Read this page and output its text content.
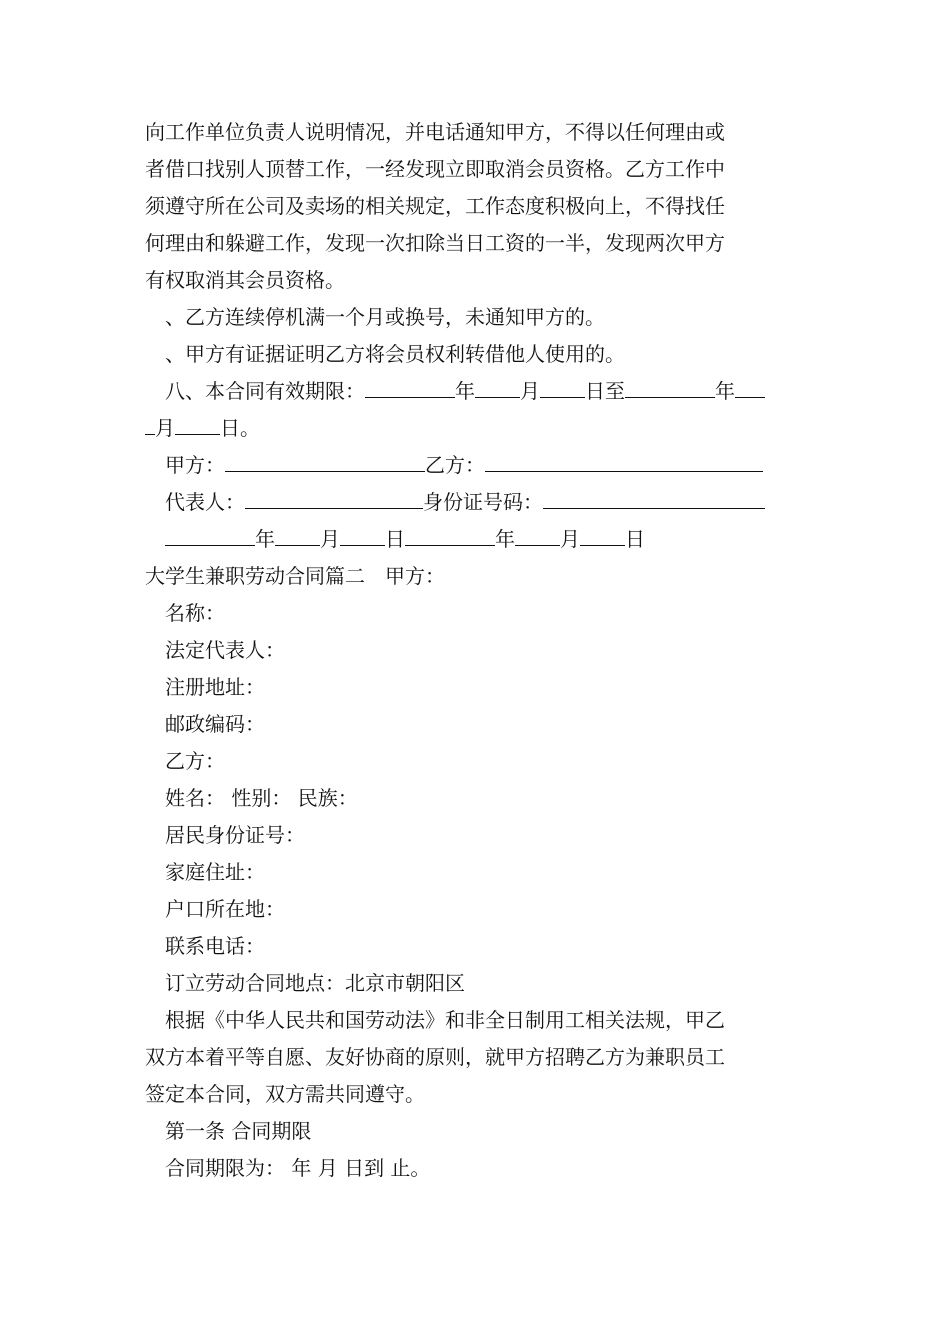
向工作单位负责人说明情况，并电话通知甲方，不得以任何理由或
者借口找别人顶替工作，一经发现立即取消会员资格。乙方工作中
须遵守所在公司及卖场的相关规定，工作态度积极向上，不得找任
何理由和躲避工作，发现一次扣除当日工资的一半，发现两次甲方
有权取消其会员资格。
、乙方连续停机满一个月或换号，未通知甲方的。
、甲方有证据证明乙方将会员权利转借他人使用的。
八、本合同有效期限：	年 月 日至	年
月 日。
甲方：	乙方：
代表人：	身份证号码：
年 月 日	年 月 日
大学生兼职劳动合同篇二　甲方：
名称：
法定代表人：
注册地址：
邮政编码：
乙方：
姓名： 性别： 民族：
居民身份证号：
家庭住址：
户口所在地：
联系电话：
订立劳动合同地点：北京市朝阳区
根据《中华人民共和国劳动法》和非全日制用工相关法规，甲乙
双方本着平等自愿、友好协商的原则，就甲方招聘乙方为兼职员工
签定本合同，双方需共同遵守。
第一条 合同期限
合同期限为： 年 月 日到 止。
